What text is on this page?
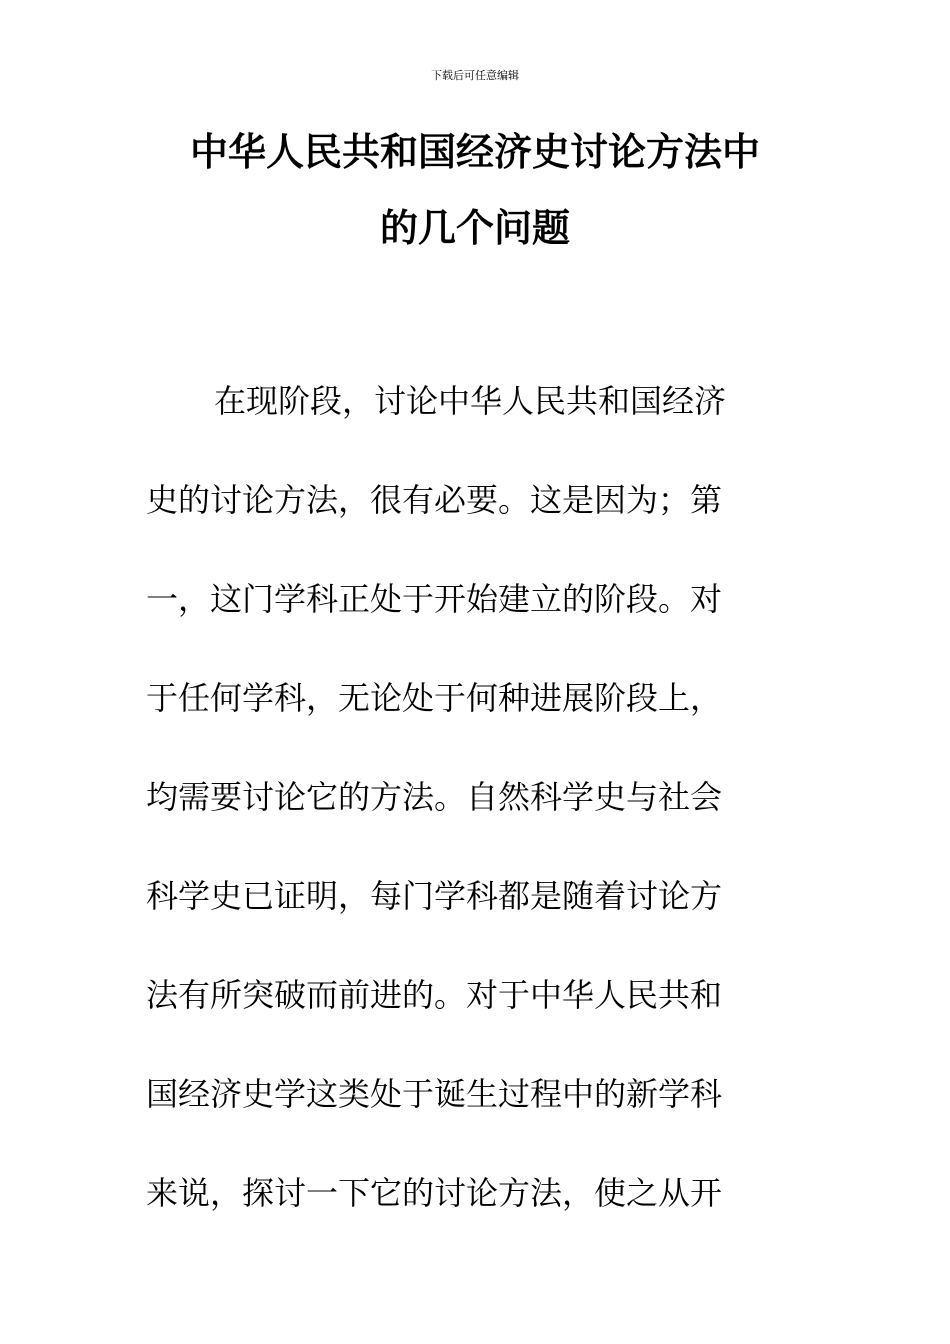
下载后可任意编辑
中华人民共和国经济史讨论方法中
的几个问题
在现阶段，讨论中华人民共和国经济
史的讨论方法，很有必要。这是因为；第
一，这门学科正处于开始建立的阶段。对
于任何学科，无论处于何种进展阶段上，
均需要讨论它的方法。自然科学史与社会
科学史已证明，每门学科都是随着讨论方
法有所突破而前进的。对于中华人民共和
国经济史学这类处于诞生过程中的新学科
来说，探讨一下它的讨论方法，使之从开
